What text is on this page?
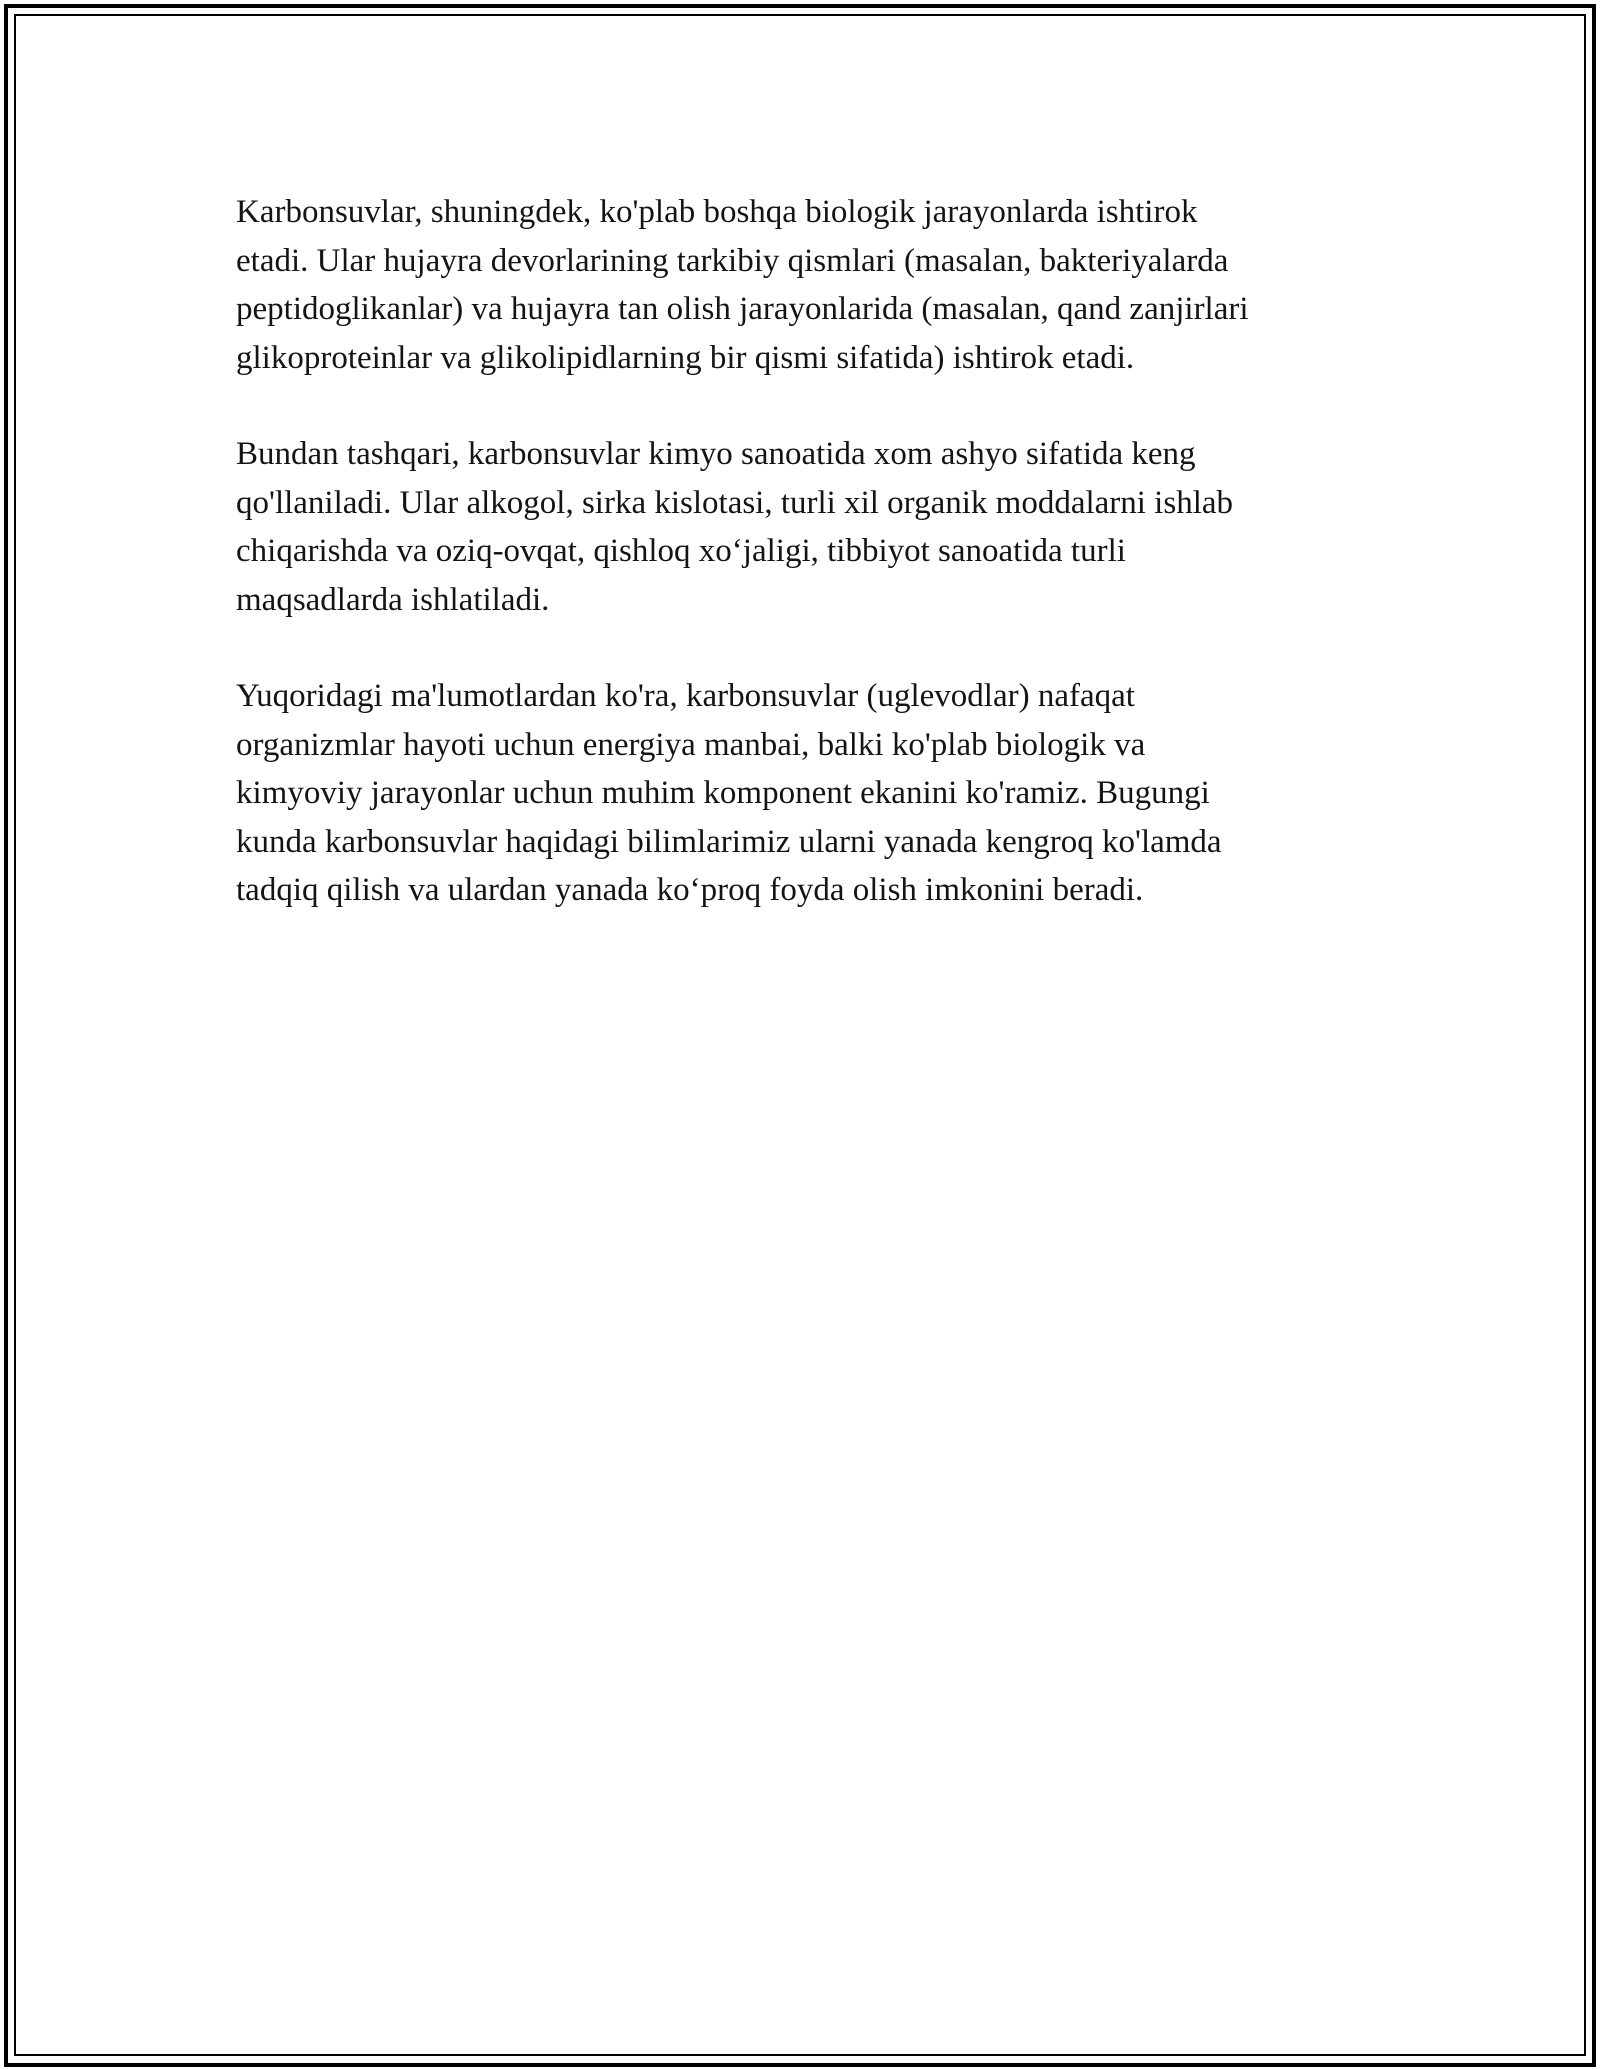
Karbonsuvlar, shuningdek, ko'plab boshqa biologik jarayonlarda ishtirok
etadi. Ular hujayra devorlarining tarkibiy qismlari (masalan, bakteriyalarda
peptidoglikanlar) va hujayra tan olish jarayonlarida (masalan, qand zanjirlari
glikoproteinlar va glikolipidlarning bir qismi sifatida) ishtirok etadi.

Bundan tashqari, karbonsuvlar kimyo sanoatida xom ashyo sifatida keng
qo'llaniladi. Ular alkogol, sirka kislotasi, turli xil organik moddalarni ishlab
chiqarishda va oziq-ovqat, qishloq xo‘jaligi, tibbiyot sanoatida turli
maqsadlarda ishlatiladi.

Yuqoridagi ma'lumotlardan ko'ra, karbonsuvlar (uglevodlar) nafaqat
organizmlar hayoti uchun energiya manbai, balki ko'plab biologik va
kimyoviy jarayonlar uchun muhim komponent ekanini ko'ramiz. Bugungi
kunda karbonsuvlar haqidagi bilimlarimiz ularni yanada kengroq ko'lamda
tadqiq qilish va ulardan yanada ko‘proq foyda olish imkonini beradi.
